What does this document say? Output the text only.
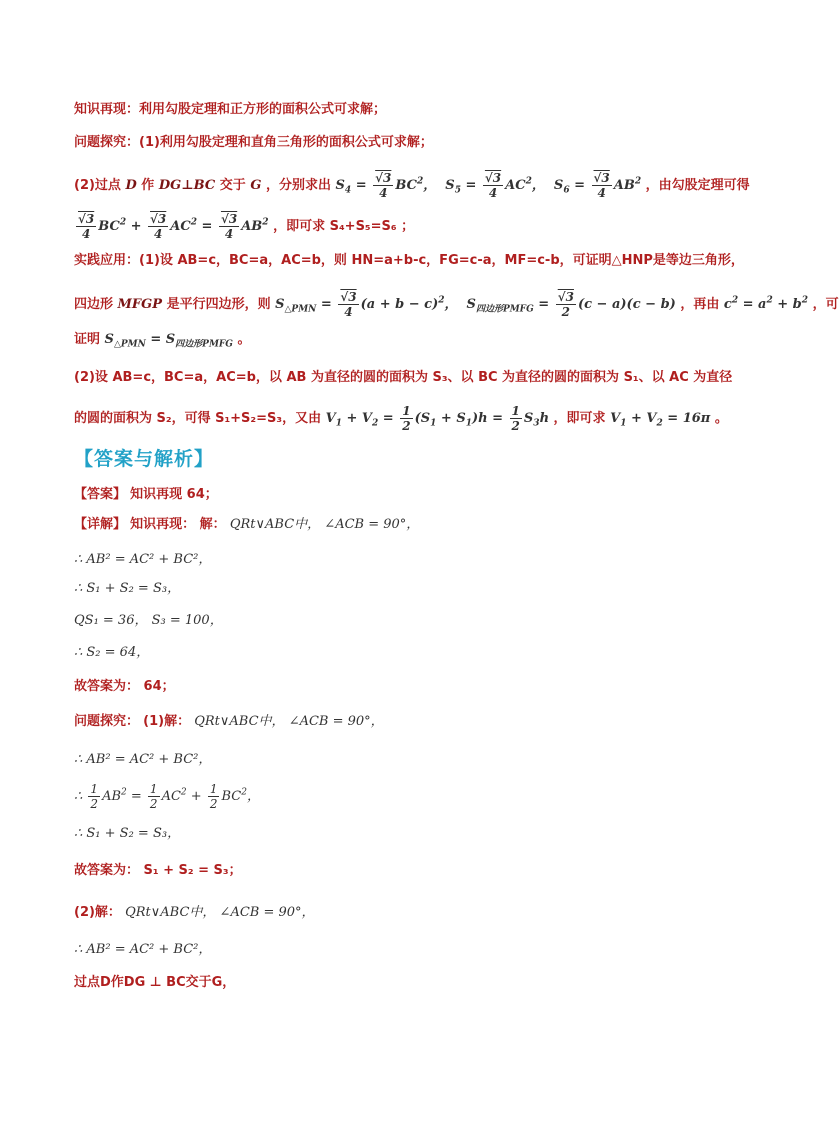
知识再现：利用勾股定理和正方形的面积公式可求解；
问题探究：(1)利用勾股定理和直角三角形的面积公式可求解；
(2)过点 D 作 DG⊥BC 交于 G ，分别求出 $S_4 = \frac{√3}{4} BC^2$，  $S_5 = \frac{√3}{4} AC^2$，  $S_6 = \frac{√3}{4} AB^2$ ，由勾股定理可得
$\frac{√3}{4} BC^2 + \frac{√3}{4} AC^2 = \frac{√3}{4} AB^2$ ，即可求 S₄+S₅=S₆ ；
实践应用：(1)设 AB=c，BC=a，AC=b，则 HN=a+b-c，FG=c-a，MF=c-b，可证明△HNP是等边三角形，
四边形 MFGP 是平行四边形，则 $S_{\triangle PMN} = \frac{√3}{4} (a + b - c)^2$，  $S_{四边形PMFG} = \frac{√3}{2} (c - a)(c - b)$ ，再由 $c^2 = a^2 + b^2$ ，可
证明 $S_{\triangle PMN} = S_{四边形PMFG}$ 。
(2)设 AB=c，BC=a，AC=b，以 AB 为直径的圆的面积为 S₃、以 BC 为直径的圆的面积为 S₁、以 AC 为直径
的圆的面积为 S₂，可得 S₁+S₂=S₃，又由 $V_1 + V_2 = \frac{1}{2} (S_1 + S_1)h = \frac{1}{2} S_3h$ ，即可求 $V_1 + V_2 = 16\pi$ 。
【答案与解析】
【答案】 知识再现 64；
【详解】 知识再现： 解： QRt∨ABC中， ∠ACB = 90°，
∴ AB² = AC² + BC²，
∴ S₁ + S₂ = S₃，
QS₁ = 36， S₃ = 100，
∴ S₂ = 64，
故答案为： 64；
问题探究： (1)解： QRt∨ABC中， ∠ACB = 90°，
∴ AB² = AC² + BC²，
∴ $\frac{1}{2} AB^2 = \frac{1}{2} AC^2 + \frac{1}{2} BC^2$，
∴ S₁ + S₂ = S₃，
故答案为： S₁ + S₂ = S₃；
(2)解： QRt∨ABC中， ∠ACB = 90°，
∴ AB² = AC² + BC²，
过点D作DG ⊥ BC交于G，
